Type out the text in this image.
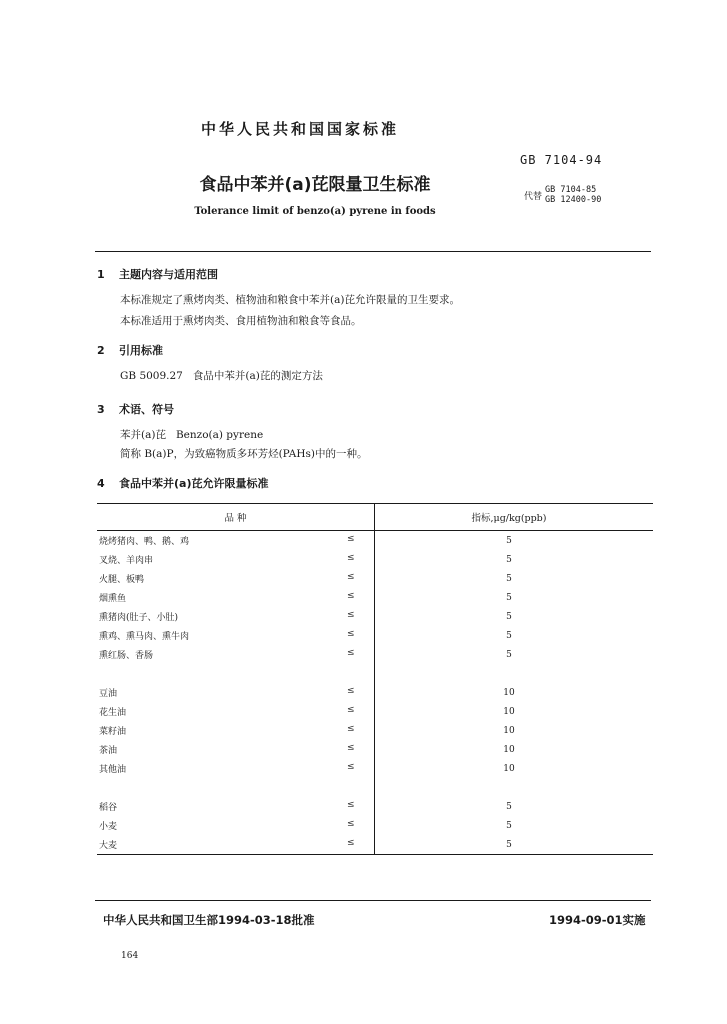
中华人民共和国国家标准
GB 7104-94
代替
GB 7104-85
GB 12400-90
食品中苯并(a)芘限量卫生标准
Tolerance limit of benzo(a) pyrene in foods
1 主题内容与适用范围
本标准规定了熏烤肉类、植物油和粮食中苯并(a)芘允许限量的卫生要求。
本标准适用于熏烤肉类、食用植物油和粮食等食品。
2 引用标准
GB 5009.27   食品中苯并(a)芘的测定方法
3 术语、符号
苯并(a)芘   Benzo(a) pyrene
简称 B(a)P，为致癌物质多环芳烃(PAHs)中的一种。
4 食品中苯并(a)芘允许限量标准
品 种	指标,μg/kg(ppb)

烧烤猪肉、鸭、鹅、鸡 ≤	5

叉烧、羊肉串 ≤	5

火腿、板鸭 ≤	5

烟熏鱼 ≤	5

熏猪肉(肚子、小肚) ≤	5

熏鸡、熏马肉、熏牛肉 ≤	5

熏红肠、香肠 ≤	5

豆油 ≤	10

花生油 ≤	10

菜籽油 ≤	10

茶油 ≤	10

其他油 ≤	10

稻谷 ≤	5

小麦 ≤	5

大麦 ≤	5
中华人民共和国卫生部1994-03-18批准	1994-09-01实施
164
